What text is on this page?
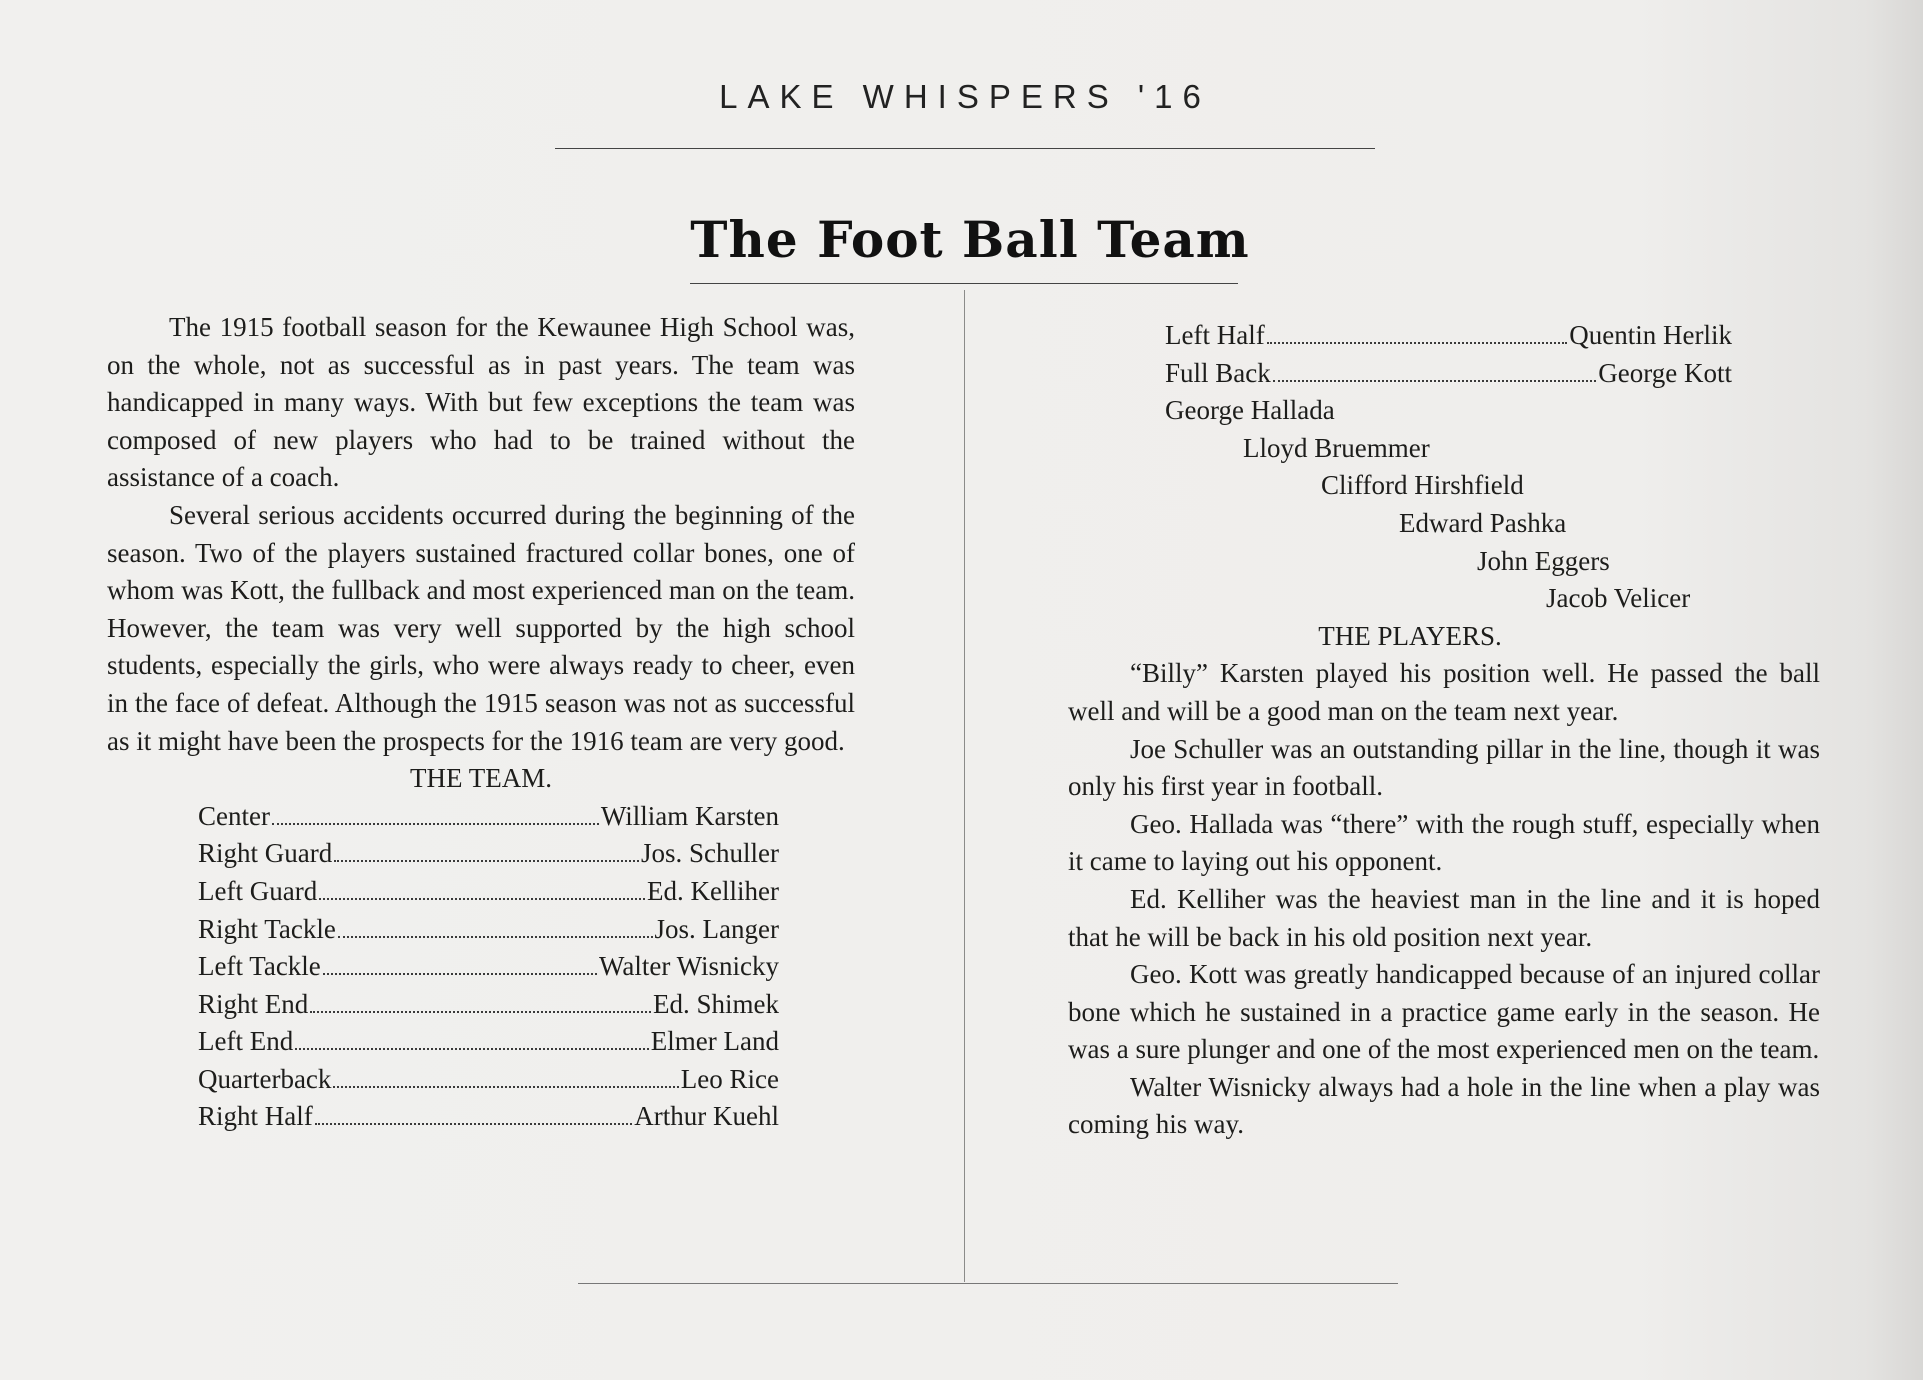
LAKE WHISPERS '16
The Foot Ball Team

The 1915 football season for the Kewaunee High School was, on the whole, not as successful as in past years. The team was handicapped in many ways. With but few exceptions the team was composed of new players who had to be trained without the assistance of a coach.

Several serious accidents occurred during the beginning of the season. Two of the players sustained fractured collar bones, one of whom was Kott, the fullback and most experienced man on the team. However, the team was very well supported by the high school students, especially the girls, who were always ready to cheer, even in the face of defeat. Although the 1915 season was not as successful as it might have been the prospects for the 1916 team are very good.

THE TEAM.
Center	William Karsten
Right Guard	Jos. Schuller
Left Guard	Ed. Kelliher
Right Tackle	Jos. Langer
Left Tackle	Walter Wisnicky
Right End	Ed. Shimek
Left End	Elmer Land
Quarterback	Leo Rice
Right Half	Arthur Kuehl
Left Half	Quentin Herlik
Full Back	George Kott
George Hallada
Lloyd Bruemmer
Clifford Hirshfield
Edward Pashka
John Eggers
Jacob Velicer
THE PLAYERS.

“Billy” Karsten played his position well. He passed the ball well and will be a good man on the team next year.

Joe Schuller was an outstanding pillar in the line, though it was only his first year in football.

Geo. Hallada was “there” with the rough stuff, especially when it came to laying out his opponent.

Ed. Kelliher was the heaviest man in the line and it is hoped that he will be back in his old position next year.

Geo. Kott was greatly handicapped because of an injured collar bone which he sustained in a practice game early in the season. He was a sure plunger and one of the most experienced men on the team.

Walter Wisnicky always had a hole in the line when a play was coming his way.
